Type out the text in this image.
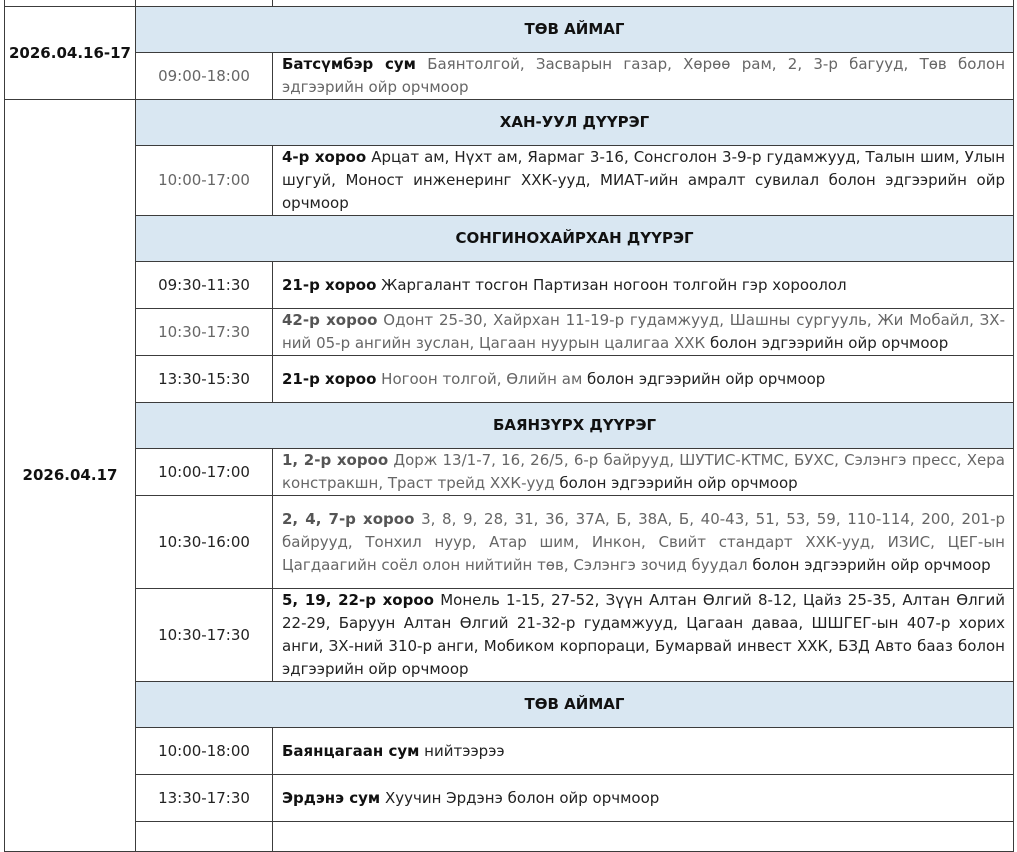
2026.04.16-17	ТӨВ АЙМАГ	
	09:00-18:00	Батсүмбэр сум Баянтолгой, Засварын газар, Хөрөө рам, 2, 3-р багууд, Төв болон эдгээрийн ойр орчмоор
2026.04.17	ХАН-УУЛ ДҮҮРЭГ	
	10:00-17:00	4-р хороо Арцат ам, Нүхт ам, Яармаг 3-16, Сонсголон 3-9-р гудамжууд, Талын шим, Улын шугуй, Моност инженеринг ХХК-ууд, МИАТ-ийн амралт сувилал болон эдгээрийн ойр орчмоор
	СОНГИНОХАЙРХАН ДҮҮРЭГ	
	09:30-11:30	21-р хороо Жаргалант тосгон Партизан ногоон толгойн гэр хороолол
	10:30-17:30	42-р хороо Одонт 25-30, Хайрхан 11-19-р гудамжууд, Шашны сургууль, Жи Мобайл, ЗХ-ний 05-р ангийн зуслан, Цагаан нуурын цалигаа ХХК болон эдгээрийн ойр орчмоор
	13:30-15:30	21-р хороо Ногоон толгой, Өлийн ам болон эдгээрийн ойр орчмоор
	БАЯНЗҮРХ ДҮҮРЭГ	
	10:00-17:00	1, 2-р хороо Дорж 13/1-7, 16, 26/5, 6-р байрууд, ШУТИС-КТМС, БУХС, Сэлэнгэ пресс, Хера констракшн, Траст трейд ХХК-ууд болон эдгээрийн ойр орчмоор
	10:30-16:00	2, 4, 7-р хороо 3, 8, 9, 28, 31, 36, 37А, Б, 38А, Б, 40-43, 51, 53, 59, 110-114, 200, 201-р байрууд, Тонхил нуур, Атар шим, Инкон, Свийт стандарт ХХК-ууд, ИЗИС, ЦЕГ-ын Цагдаагийн соёл олон нийтийн төв, Сэлэнгэ зочид буудал болон эдгээрийн ойр орчмоор
	10:30-17:30	5, 19, 22-р хороо Монель 1-15, 27-52, Зүүн Алтан Өлгий 8-12, Цайз 25-35, Алтан Өлгий 22-29, Баруун Алтан Өлгий 21-32-р гудамжууд, Цагаан даваа, ШШГЕГ-ын 407-р хорих анги, ЗХ-ний 310-р анги, Мобиком корпораци, Бумарвай инвест ХХК, БЗД Авто бааз болон эдгээрийн ойр орчмоор
	ТӨВ АЙМАГ	
	10:00-18:00	Баянцагаан сум нийтээрээ
	13:30-17:30	Эрдэнэ сум Хуучин Эрдэнэ болон ойр орчмоор
